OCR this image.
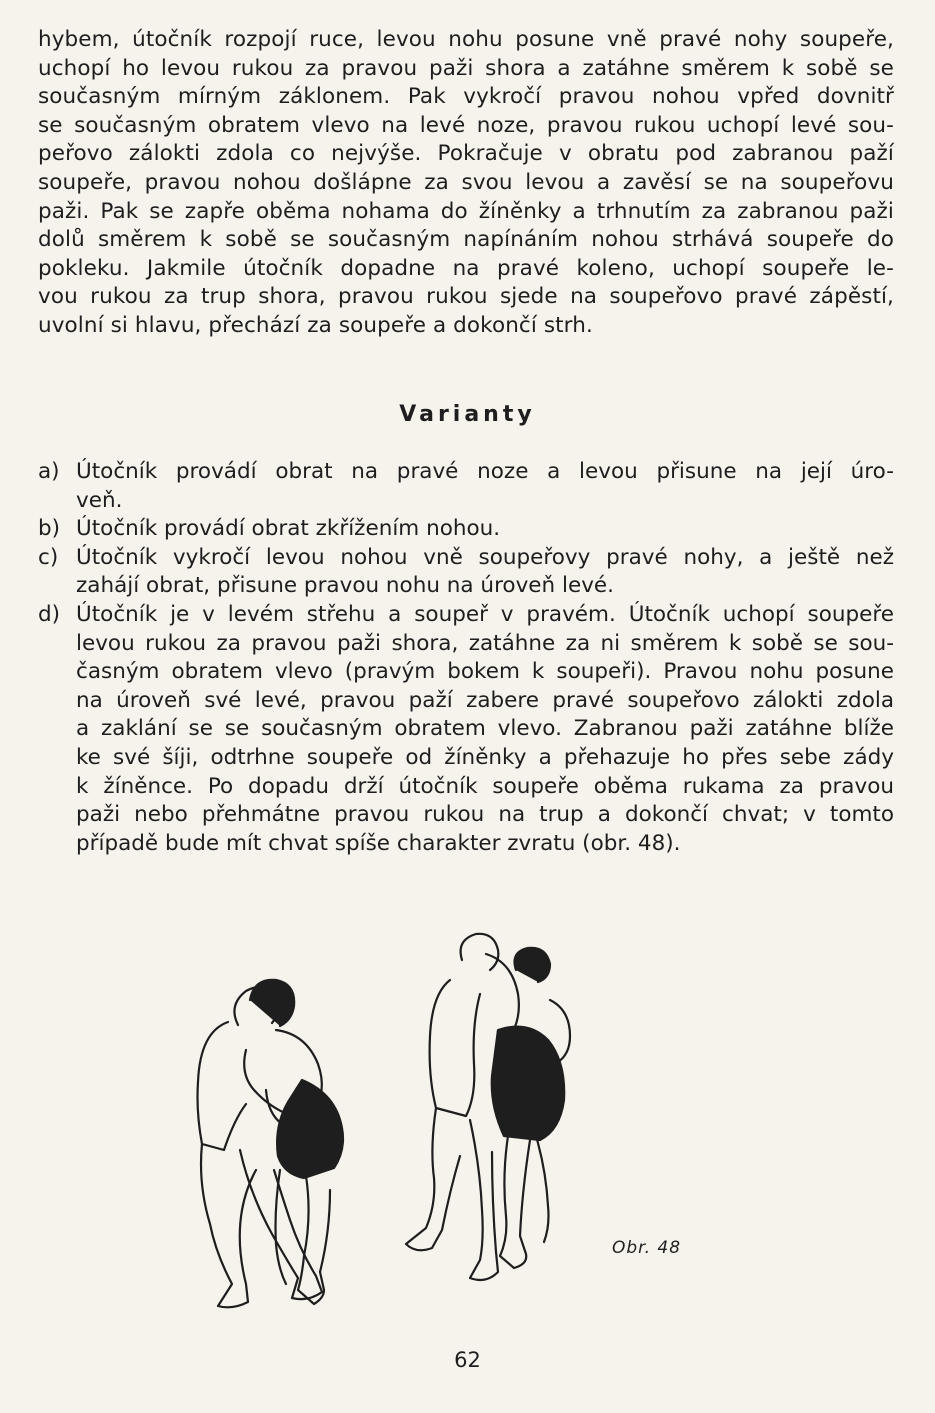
hybem, útočník rozpojí ruce, levou nohu posune vně pravé nohy soupeře,
uchopí ho levou rukou za pravou paži shora a zatáhne směrem k sobě se
současným mírným záklonem. Pak vykročí pravou nohou vpřed dovnitř
se současným obratem vlevo na levé noze, pravou rukou uchopí levé sou-
peřovo zálokti zdola co nejvýše. Pokračuje v obratu pod zabranou paží
soupeře, pravou nohou došlápne za svou levou a zavěsí se na soupeřovu
paži. Pak se zapře oběma nohama do žíněnky a trhnutím za zabranou paži
dolů směrem k sobě se současným napínáním nohou strhává soupeře do
pokleku. Jakmile útočník dopadne na pravé koleno, uchopí soupeře le-
vou rukou za trup shora, pravou rukou sjede na soupeřovo pravé zápěstí,
uvolní si hlavu, přechází za soupeře a dokončí strh.
Varianty
a) Útočník provádí obrat na pravé noze a levou přisune na její úro-
veň.
b) Útočník provádí obrat zkřížením nohou.
c) Útočník vykročí levou nohou vně soupeřovy pravé nohy, a ještě než
zahájí obrat, přisune pravou nohu na úroveň levé.
d) Útočník je v levém střehu a soupeř v pravém. Útočník uchopí soupeře
levou rukou za pravou paži shora, zatáhne za ni směrem k sobě se sou-
časným obratem vlevo (pravým bokem k soupeři). Pravou nohu posune
na úroveň své levé, pravou paží zabere pravé soupeřovo zálokti zdola
a zaklání se se současným obratem vlevo. Zabranou paži zatáhne blíže
ke své šíji, odtrhne soupeře od žíněnky a přehazuje ho přes sebe zády
k žíněnce. Po dopadu drží útočník soupeře oběma rukama za pravou
paži nebo přehmátne pravou rukou na trup a dokončí chvat; v tomto
případě bude mít chvat spíše charakter zvratu (obr. 48).
Obr. 48
62
